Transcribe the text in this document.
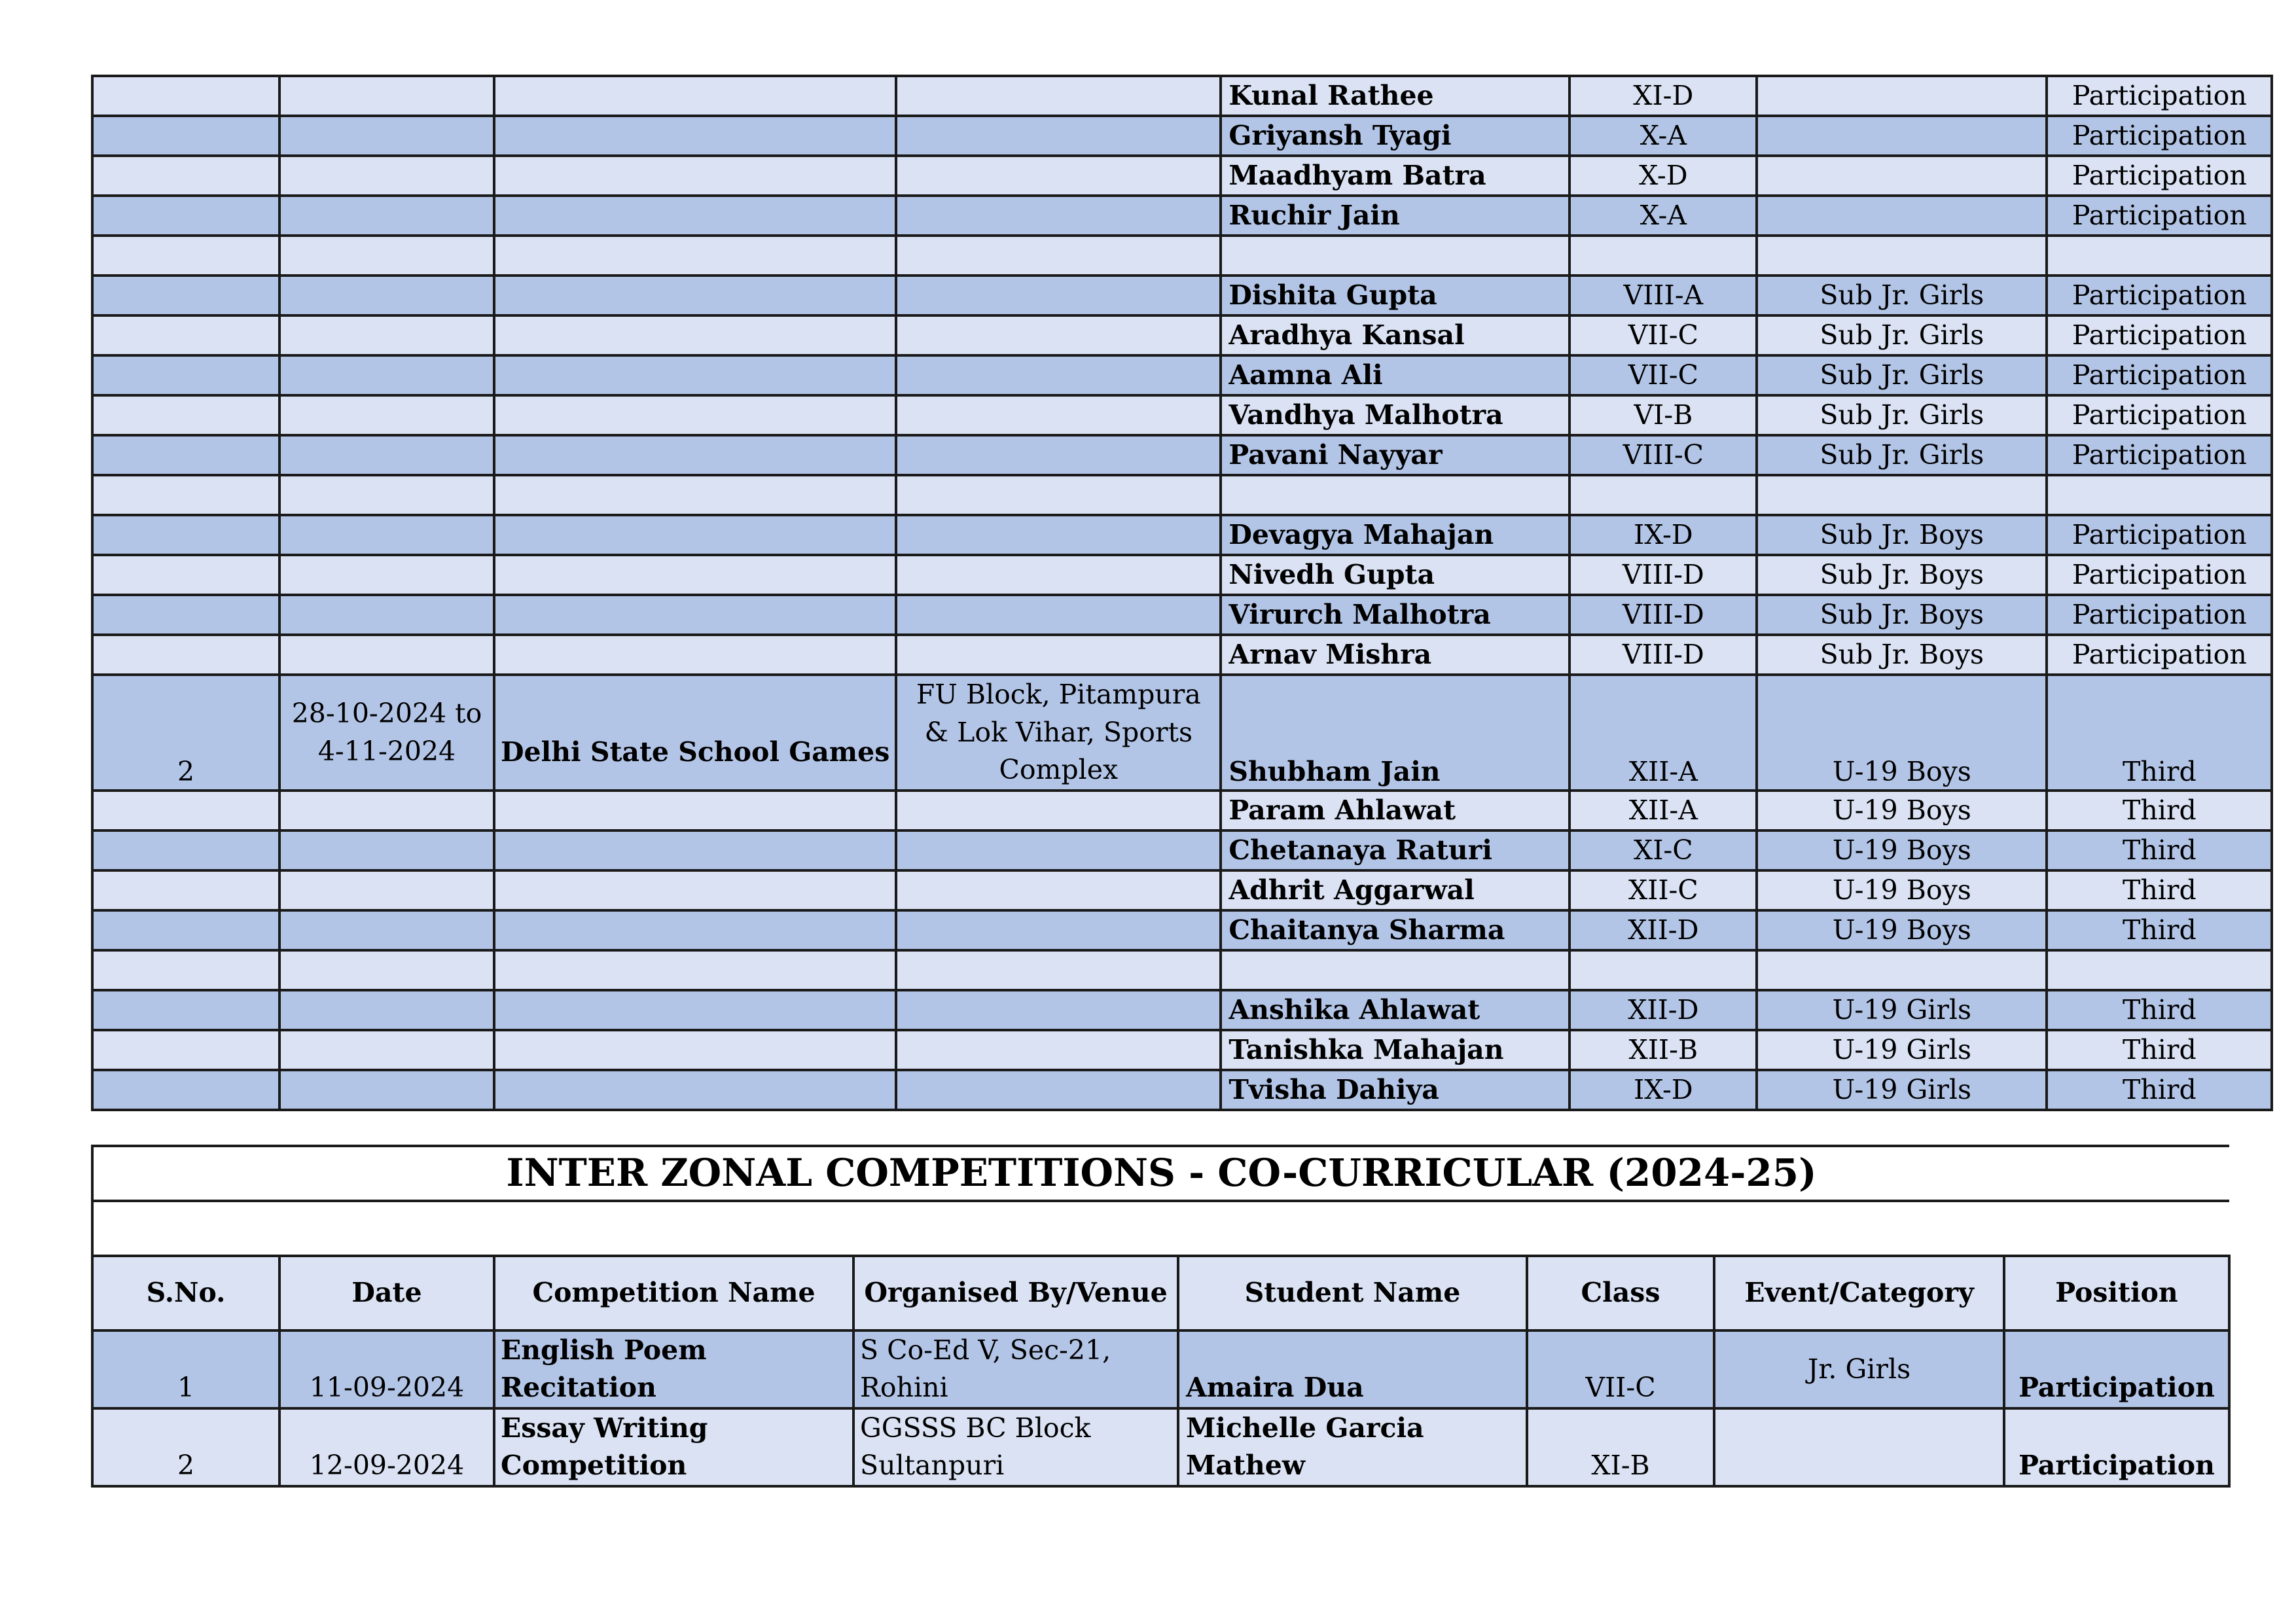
				Kunal Rathee	XI-D		Participation
				Griyansh Tyagi	X-A		Participation
				Maadhyam Batra	X-D		Participation
				Ruchir Jain	X-A		Participation

				Dishita Gupta	VIII-A	Sub Jr. Girls	Participation
				Aradhya Kansal	VII-C	Sub Jr. Girls	Participation
				Aamna Ali	VII-C	Sub Jr. Girls	Participation
				Vandhya Malhotra	VI-B	Sub Jr. Girls	Participation
				Pavani Nayyar	VIII-C	Sub Jr. Girls	Participation

				Devagya Mahajan	IX-D	Sub Jr. Boys	Participation
				Nivedh Gupta	VIII-D	Sub Jr. Boys	Participation
				Virurch Malhotra	VIII-D	Sub Jr. Boys	Participation
				Arnav Mishra	VIII-D	Sub Jr. Boys	Participation
2	28-10-2024 to 4-11-2024	Delhi State School Games	FU Block, Pitampura & Lok Vihar, Sports Complex	Shubham Jain	XII-A	U-19 Boys	Third
				Param Ahlawat	XII-A	U-19 Boys	Third
				Chetanaya Raturi	XI-C	U-19 Boys	Third
				Adhrit Aggarwal	XII-C	U-19 Boys	Third
				Chaitanya Sharma	XII-D	U-19 Boys	Third

				Anshika Ahlawat	XII-D	U-19 Girls	Third
				Tanishka Mahajan	XII-B	U-19 Girls	Third
				Tvisha Dahiya	IX-D	U-19 Girls	Third
INTER ZONAL COMPETITIONS - CO-CURRICULAR (2024-25)							

S.No.	Date	Competition Name	Organised By/Venue	Student Name	Class	Event/Category	Position
1	11-09-2024	English Poem Recitation	S Co-Ed V, Sec-21, Rohini	Amaira Dua	VII-C	Jr. Girls	Participation
2	12-09-2024	Essay Writing Competition	GGSSS BC Block Sultanpuri	Michelle Garcia Mathew	XI-B		Participation
